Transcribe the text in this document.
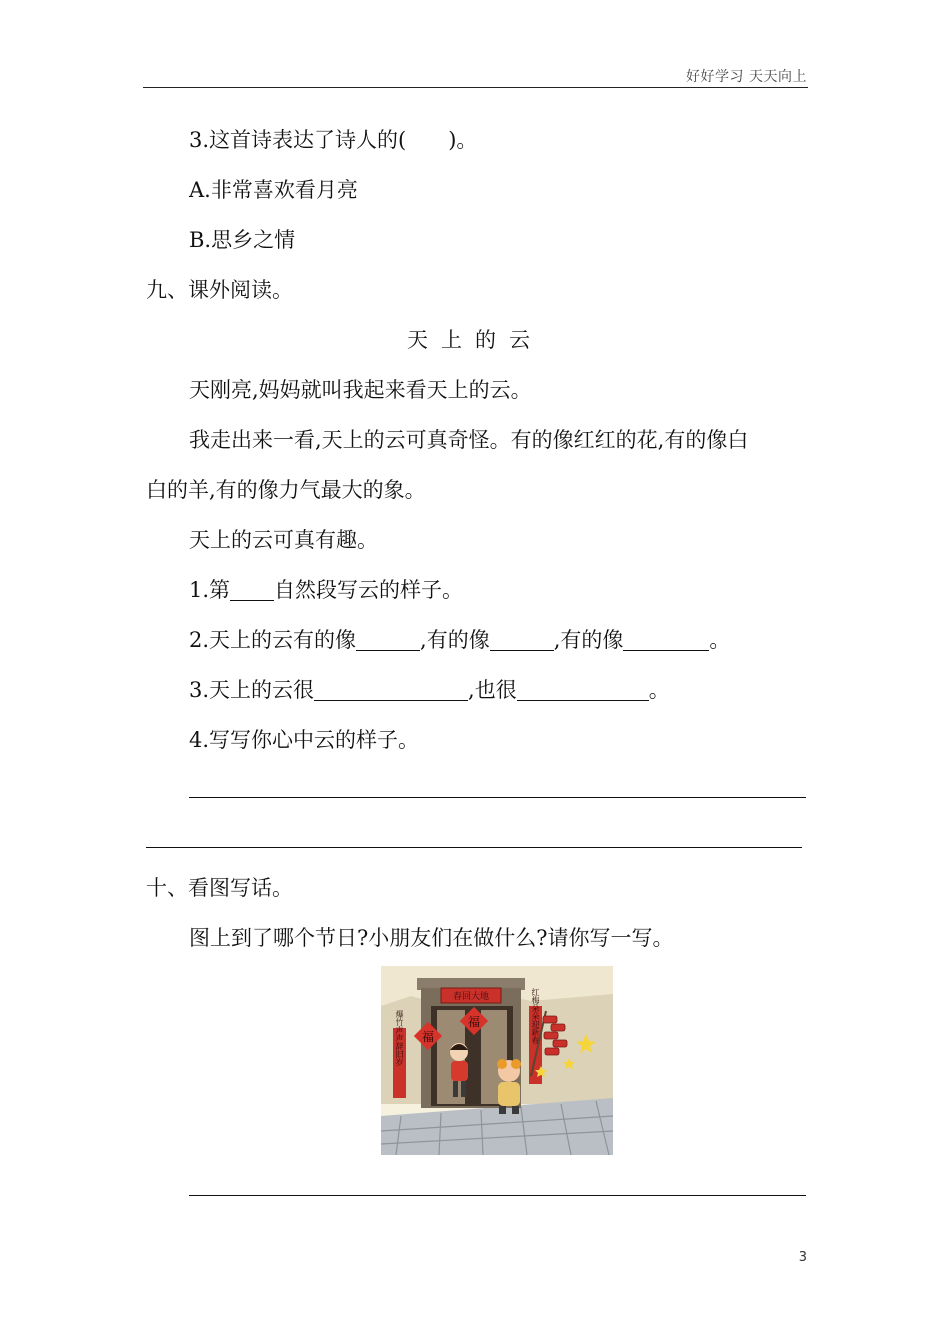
好好学习 天天向上
3.这首诗表达了诗人的(　　)。
A.非常喜欢看月亮
B.思乡之情
九、课外阅读。
天上的云
天刚亮,妈妈就叫我起来看天上的云。
我走出来一看,天上的云可真奇怪。有的像红红的花,有的像白
白的羊,有的像力气最大的象。
天上的云可真有趣。
1.第 自然段写云的样子。
2.天上的云有的像	,有的像	,有的像	。
3.天上的云很	,也很	。
4.写写你心中云的样子。
十、看图写话。
图上到了哪个节日?小朋友们在做什么?请你写一写。
春回大地
爆竹声声辞旧岁	红梅朵朵迎新春
福
福
3
